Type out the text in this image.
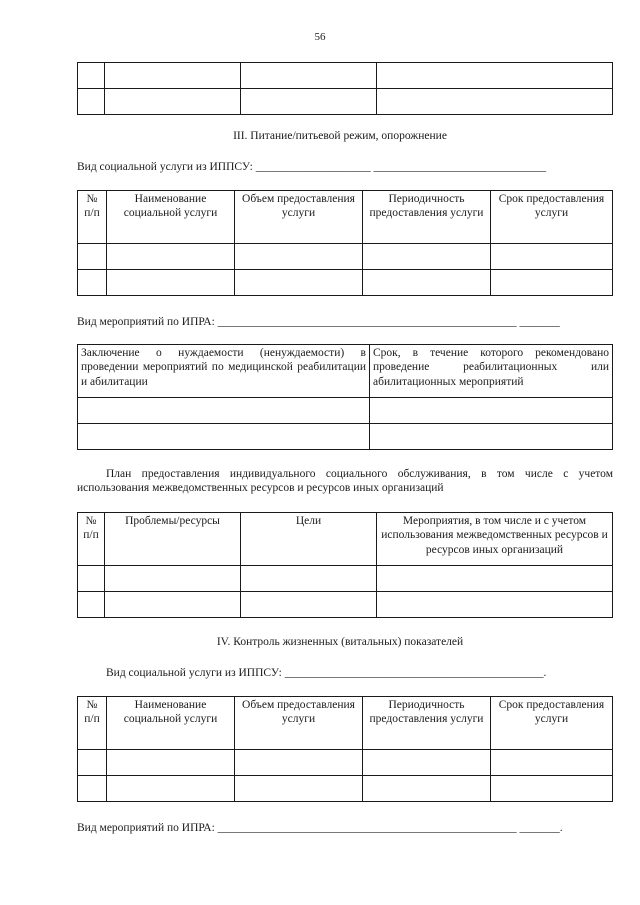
56

III. Питание/питьевой режим, опорожнение
Вид социальной услуги из ИППСУ: ____________________ ______________________________
№ п/п	Наименование социальной услуги	Объем предоставления услуги	Периодичность предоставления услуги	Срок предоставления услуги

Вид мероприятий по ИПРА: ____________________________________________________ _______
Заключение о нуждаемости (ненуждаемости) в проведении мероприятий по медицинской реабилитации и абилитации	Срок, в течение которого рекомендовано проведение реабилитационных или абилитационных мероприятий

План предоставления индивидуального социального обслуживания, в том числе с учетом использования межведомственных ресурсов и ресурсов иных организаций
№ п/п	Проблемы/ресурсы	Цели	Мероприятия, в том числе и с учетом использования межведомственных ресурсов и ресурсов иных организаций

IV. Контроль жизненных (витальных) показателей
Вид социальной услуги из ИППСУ: _____________________________________________.
№ п/п	Наименование социальной услуги	Объем предоставления услуги	Периодичность предоставления услуги	Срок предоставления услуги

Вид мероприятий по ИПРА: ____________________________________________________ _______.
